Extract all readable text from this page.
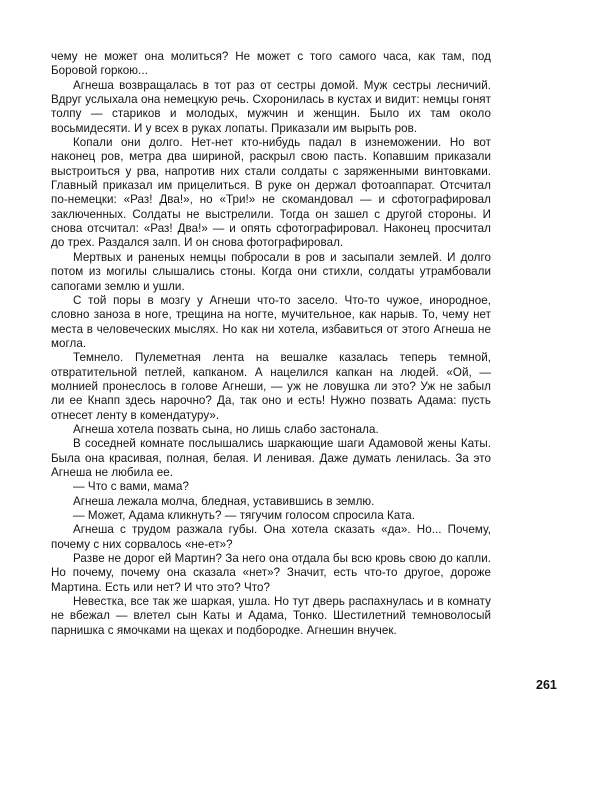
чему не может она молиться? Не может с того самого часа, как там, под Боровой горкою...

Агнеша возвращалась в тот раз от сестры домой. Муж сестры лесничий. Вдруг услыхала она немецкую речь. Схоронилась в кустах и видит: немцы гонят толпу — стариков и молодых, мужчин и женщин. Было их там около восьмидесяти. И у всех в руках лопаты. Приказали им вырыть ров.

Копали они долго. Нет-нет кто-нибудь падал в изнеможении. Но вот наконец ров, метра два шириной, раскрыл свою пасть. Копавшим приказали выстроиться у рва, напротив них стали солдаты с заряженными винтовками. Главный приказал им прицелиться. В руке он держал фотоаппарат. Отсчитал по-немецки: «Раз! Два!», но «Три!» не скомандовал — и сфотографировал заключенных. Солдаты не выстрелили. Тогда он зашел с другой стороны. И снова отсчитал: «Раз! Два!» — и опять сфотографировал. Наконец просчитал до трех. Раздался залп. И он снова фотографировал.

Мертвых и раненых немцы побросали в ров и засыпали землей. И долго потом из могилы слышались стоны. Когда они стихли, солдаты утрамбовали сапогами землю и ушли.

С той поры в мозгу у Агнеши что-то засело. Что-то чужое, инородное, словно заноза в ноге, трещина на ногте, мучительное, как нарыв. То, чему нет места в человеческих мыслях. Но как ни хотела, избавиться от этого Агнеша не могла.

Темнело. Пулеметная лента на вешалке казалась теперь темной, отвратительной петлей, капканом. А нацелился капкан на людей. «Ой, — молнией пронеслось в голове Агнеши, — уж не ловушка ли это? Уж не забыл ли ее Кнапп здесь нарочно? Да, так оно и есть! Нужно позвать Адама: пусть отнесет ленту в комендатуру».

Агнеша хотела позвать сына, но лишь слабо застонала.

В соседней комнате послышались шаркающие шаги Адамовой жены Каты. Была она красивая, полная, белая. И ленивая. Даже думать ленилась. За это Агнеша не любила ее.

— Что с вами, мама?

Агнеша лежала молча, бледная, уставившись в землю.

— Может, Адама кликнуть? — тягучим голосом спросила Ката.

Агнеша с трудом разжала губы. Она хотела сказать «да». Но... Почему, почему с них сорвалось «не-ет»?

Разве не дорог ей Мартин? За него она отдала бы всю кровь свою до капли. Но почему, почему она сказала «нет»? Значит, есть что-то другое, дороже Мартина. Есть или нет? И что это? Что?

Невестка, все так же шаркая, ушла. Но тут дверь распахнулась и в комнату не вбежал — влетел сын Каты и Адама, Тонко. Шестилетний темноволосый парнишка с ямочками на щеках и подбородке. Агнешин внучек.

261
